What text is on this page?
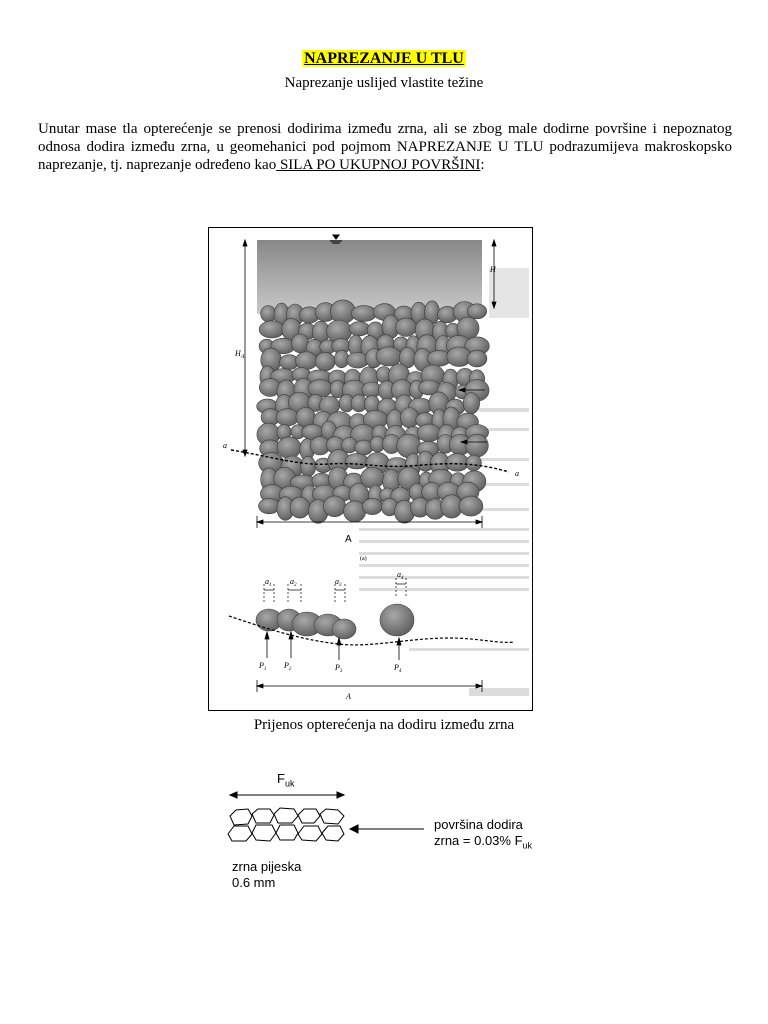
NAPREZANJE U TLU
Naprezanje uslijed vlastite težine
Unutar mase tla opterećenje se prenosi dodirima između zrna, ali se zbog male dodirne površine i nepoznatog odnosa dodira između zrna, u geomehanici pod pojmom NAPREZANJE U TLU podrazumijeva makroskopsko naprezanje, tj. naprezanje određeno kao SILA PO UKUPNOJ POVRŠINI:
H
$H_A$
a
a
A
(a)
$a_1$ $a_2$	$a_3$
$a_4$
$P_1$ $P_2$	$P_3$	$P_4$
A
Prijenos opterećenja na dodiru između zrna
$F_{uk}$
površina dodira
zrna = 0.03% $F_{uk}$
zrna pijeska
0.6 mm
